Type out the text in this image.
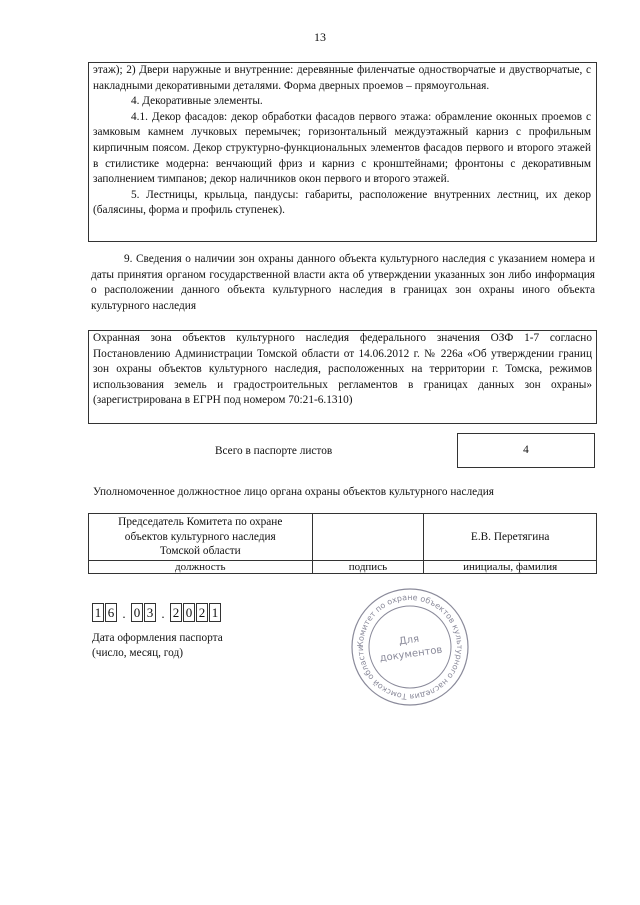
13

этаж); 2) Двери наружные и внутренние: деревянные филенчатые одностворчатые и двустворчатые, с накладными декоративными деталями. Форма дверных проемов – прямоугольная.

4. Декоративные элементы.

4.1. Декор фасадов: декор обработки фасадов первого этажа: обрамление оконных проемов с замковым камнем лучковых перемычек; горизонтальный междуэтажный карниз с профильным кирпичным поясом. Декор структурно-функциональных элементов фасадов первого и второго этажей в стилистике модерна: венчающий фриз и карниз с кронштейнами; фронтоны с декоративным заполнением тимпанов; декор наличников окон первого и второго этажей.

5. Лестницы, крыльца, пандусы: габариты, расположение внутренних лестниц, их декор (балясины, форма и профиль ступенек).

9. Сведения о наличии зон охраны данного объекта культурного наследия с указанием номера и даты принятия органом государственной власти акта об утверждении указанных зон либо информация о расположении данного объекта культурного наследия в границах зон охраны иного объекта культурного наследия

Охранная зона объектов культурного наследия федерального значения ОЗФ 1-7 согласно Постановлению Администрации Томской области от 14.06.2012 г. № 226а «Об утверждении границ зон охраны объектов культурного наследия, расположенных на территории г. Томска, режимов использования земель и градостроительных регламентов в границах данных зон охраны» (зарегистрирована в ЕГРН под номером 70:21-6.1310)

Всего в паспорте листов	4
Уполномоченное должностное лицо органа охраны объектов культурного наследия
Председатель Комитета по охране
объектов культурного наследия
Томской области		Е.В. Перетягина
должность	подпись	инициалы, фамилия
1 6 . 0 3 . 2 0 2 1
Дата оформления паспорта
(число, месяц, год)
Комитет по охране объектов культурного наследия Томской области
Для
документов
